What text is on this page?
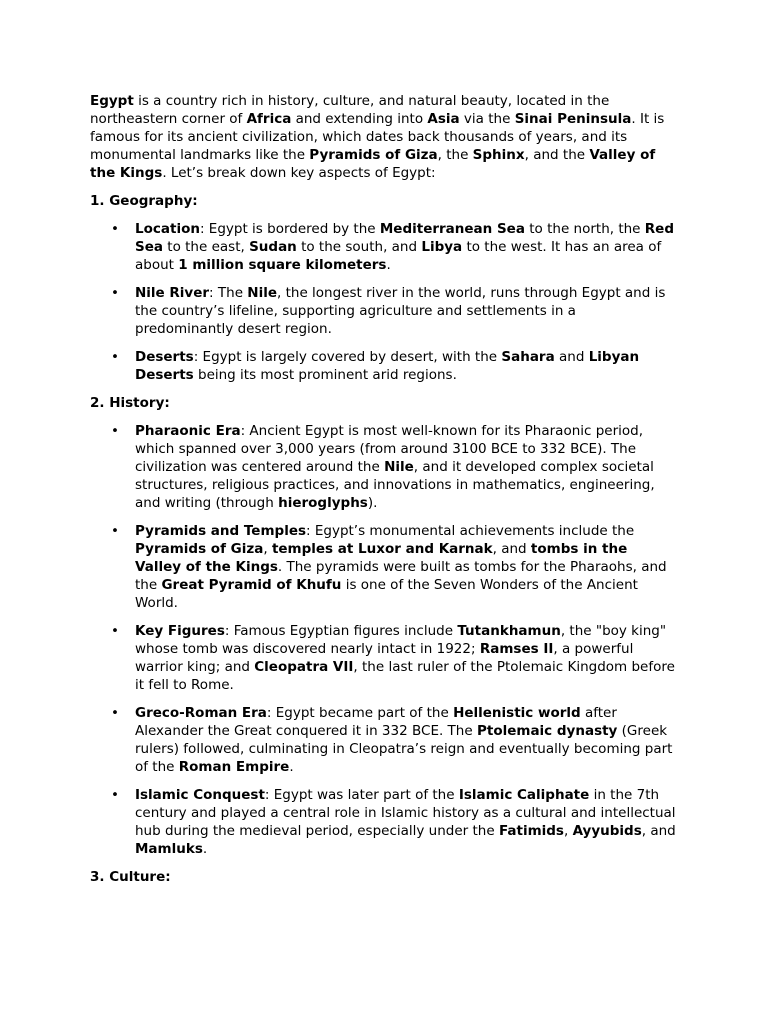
Egypt is a country rich in history, culture, and natural beauty, located in the northeastern corner of Africa and extending into Asia via the Sinai Peninsula. It is famous for its ancient civilization, which dates back thousands of years, and its monumental landmarks like the Pyramids of Giza, the Sphinx, and the Valley of the Kings. Let’s break down key aspects of Egypt:

1. Geography:

• Location: Egypt is bordered by the Mediterranean Sea to the north, the Red Sea to the east, Sudan to the south, and Libya to the west. It has an area of about 1 million square kilometers.
• Nile River: The Nile, the longest river in the world, runs through Egypt and is the country’s lifeline, supporting agriculture and settlements in a predominantly desert region.
• Deserts: Egypt is largely covered by desert, with the Sahara and Libyan Deserts being its most prominent arid regions.

2. History:

• Pharaonic Era: Ancient Egypt is most well-known for its Pharaonic period, which spanned over 3,000 years (from around 3100 BCE to 332 BCE). The civilization was centered around the Nile, and it developed complex societal structures, religious practices, and innovations in mathematics, engineering, and writing (through hieroglyphs).
• Pyramids and Temples: Egypt’s monumental achievements include the Pyramids of Giza, temples at Luxor and Karnak, and tombs in the Valley of the Kings. The pyramids were built as tombs for the Pharaohs, and the Great Pyramid of Khufu is one of the Seven Wonders of the Ancient World.
• Key Figures: Famous Egyptian figures include Tutankhamun, the "boy king" whose tomb was discovered nearly intact in 1922; Ramses II, a powerful warrior king; and Cleopatra VII, the last ruler of the Ptolemaic Kingdom before it fell to Rome.
• Greco-Roman Era: Egypt became part of the Hellenistic world after Alexander the Great conquered it in 332 BCE. The Ptolemaic dynasty (Greek rulers) followed, culminating in Cleopatra’s reign and eventually becoming part of the Roman Empire.
• Islamic Conquest: Egypt was later part of the Islamic Caliphate in the 7th century and played a central role in Islamic history as a cultural and intellectual hub during the medieval period, especially under the Fatimids, Ayyubids, and Mamluks.

3. Culture:
